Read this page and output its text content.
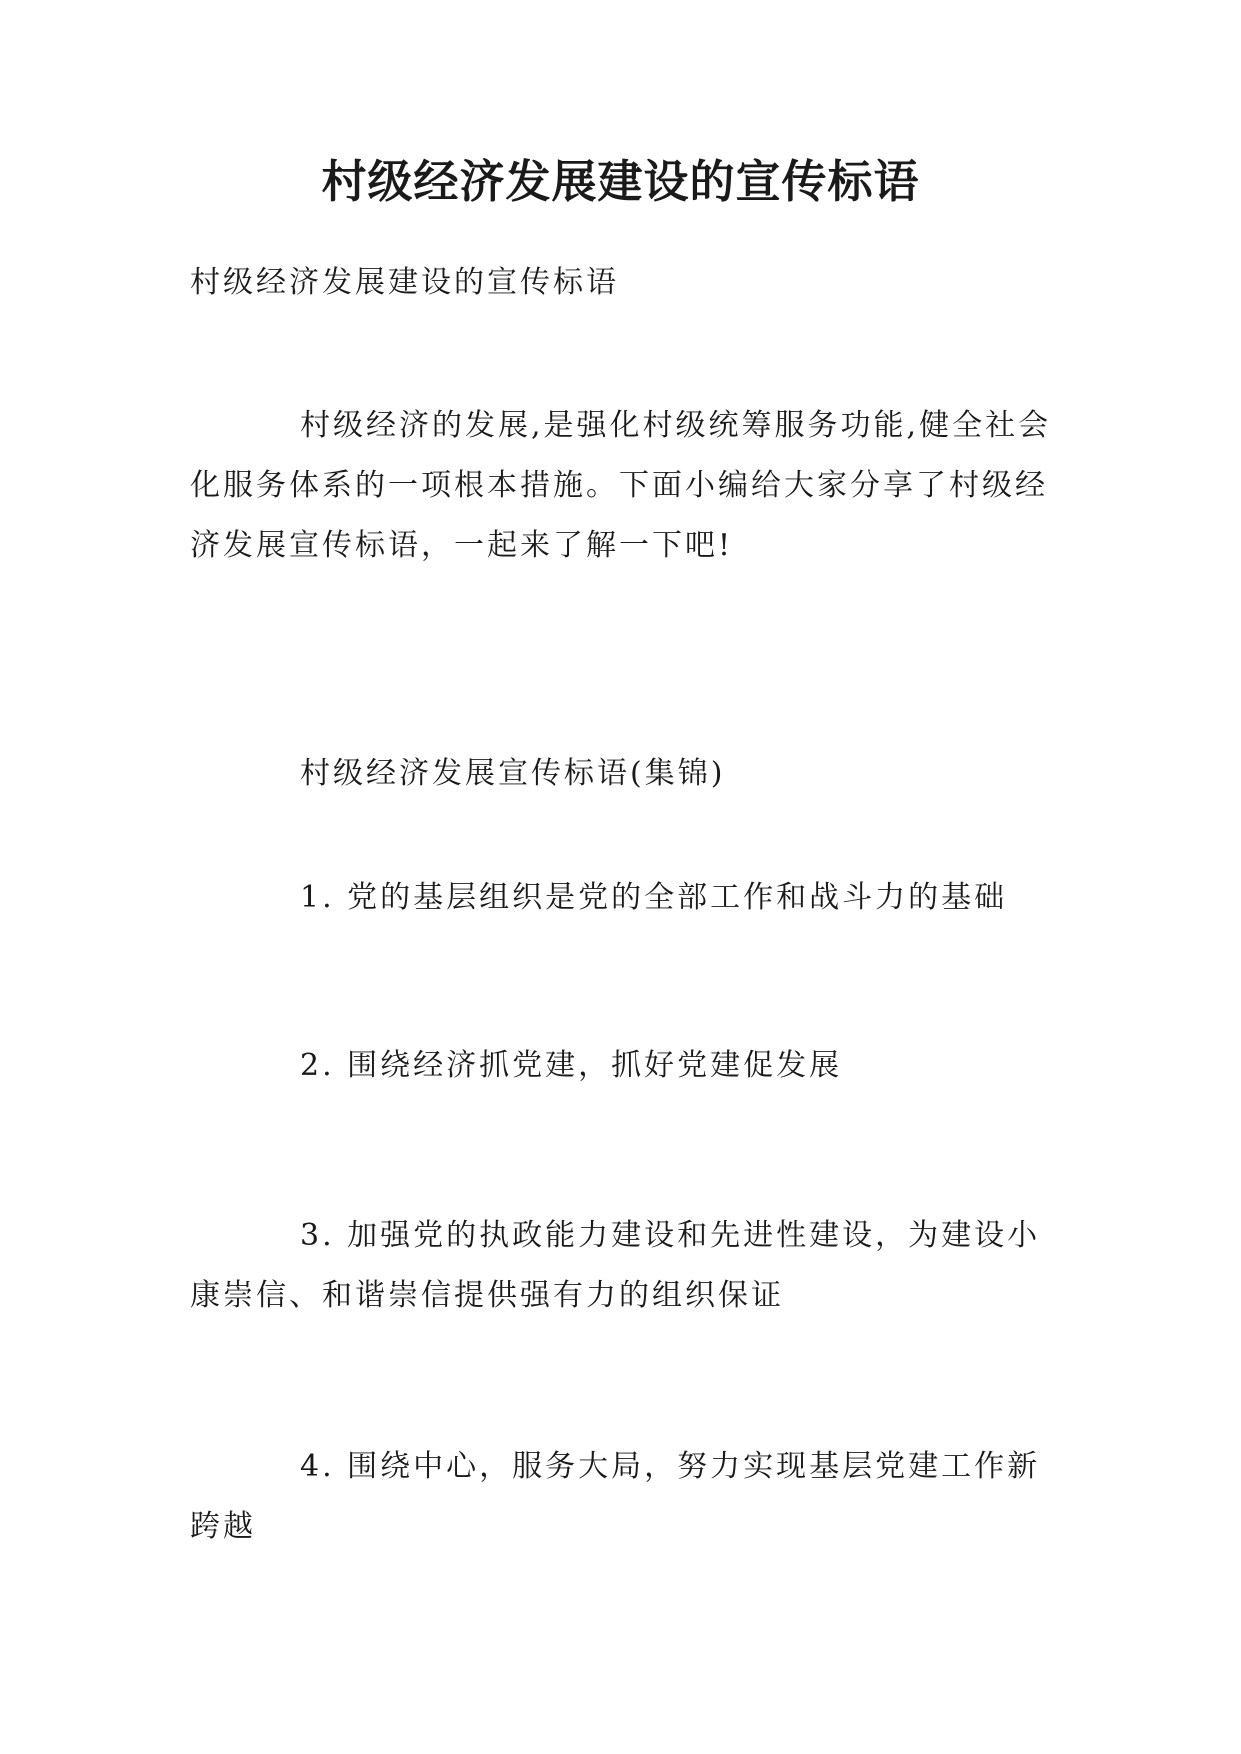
村级经济发展建设的宣传标语
村级经济发展建设的宣传标语
村级经济的发展,是强化村级统筹服务功能,健全社会化服务体系的一项根本措施。下面小编给大家分享了村级经济发展宣传标语，一起来了解一下吧!
村级经济发展宣传标语(集锦)
1. 党的基层组织是党的全部工作和战斗力的基础
2. 围绕经济抓党建，抓好党建促发展
3. 加强党的执政能力建设和先进性建设，为建设小康崇信、和谐崇信提供强有力的组织保证
4. 围绕中心，服务大局，努力实现基层党建工作新跨越
